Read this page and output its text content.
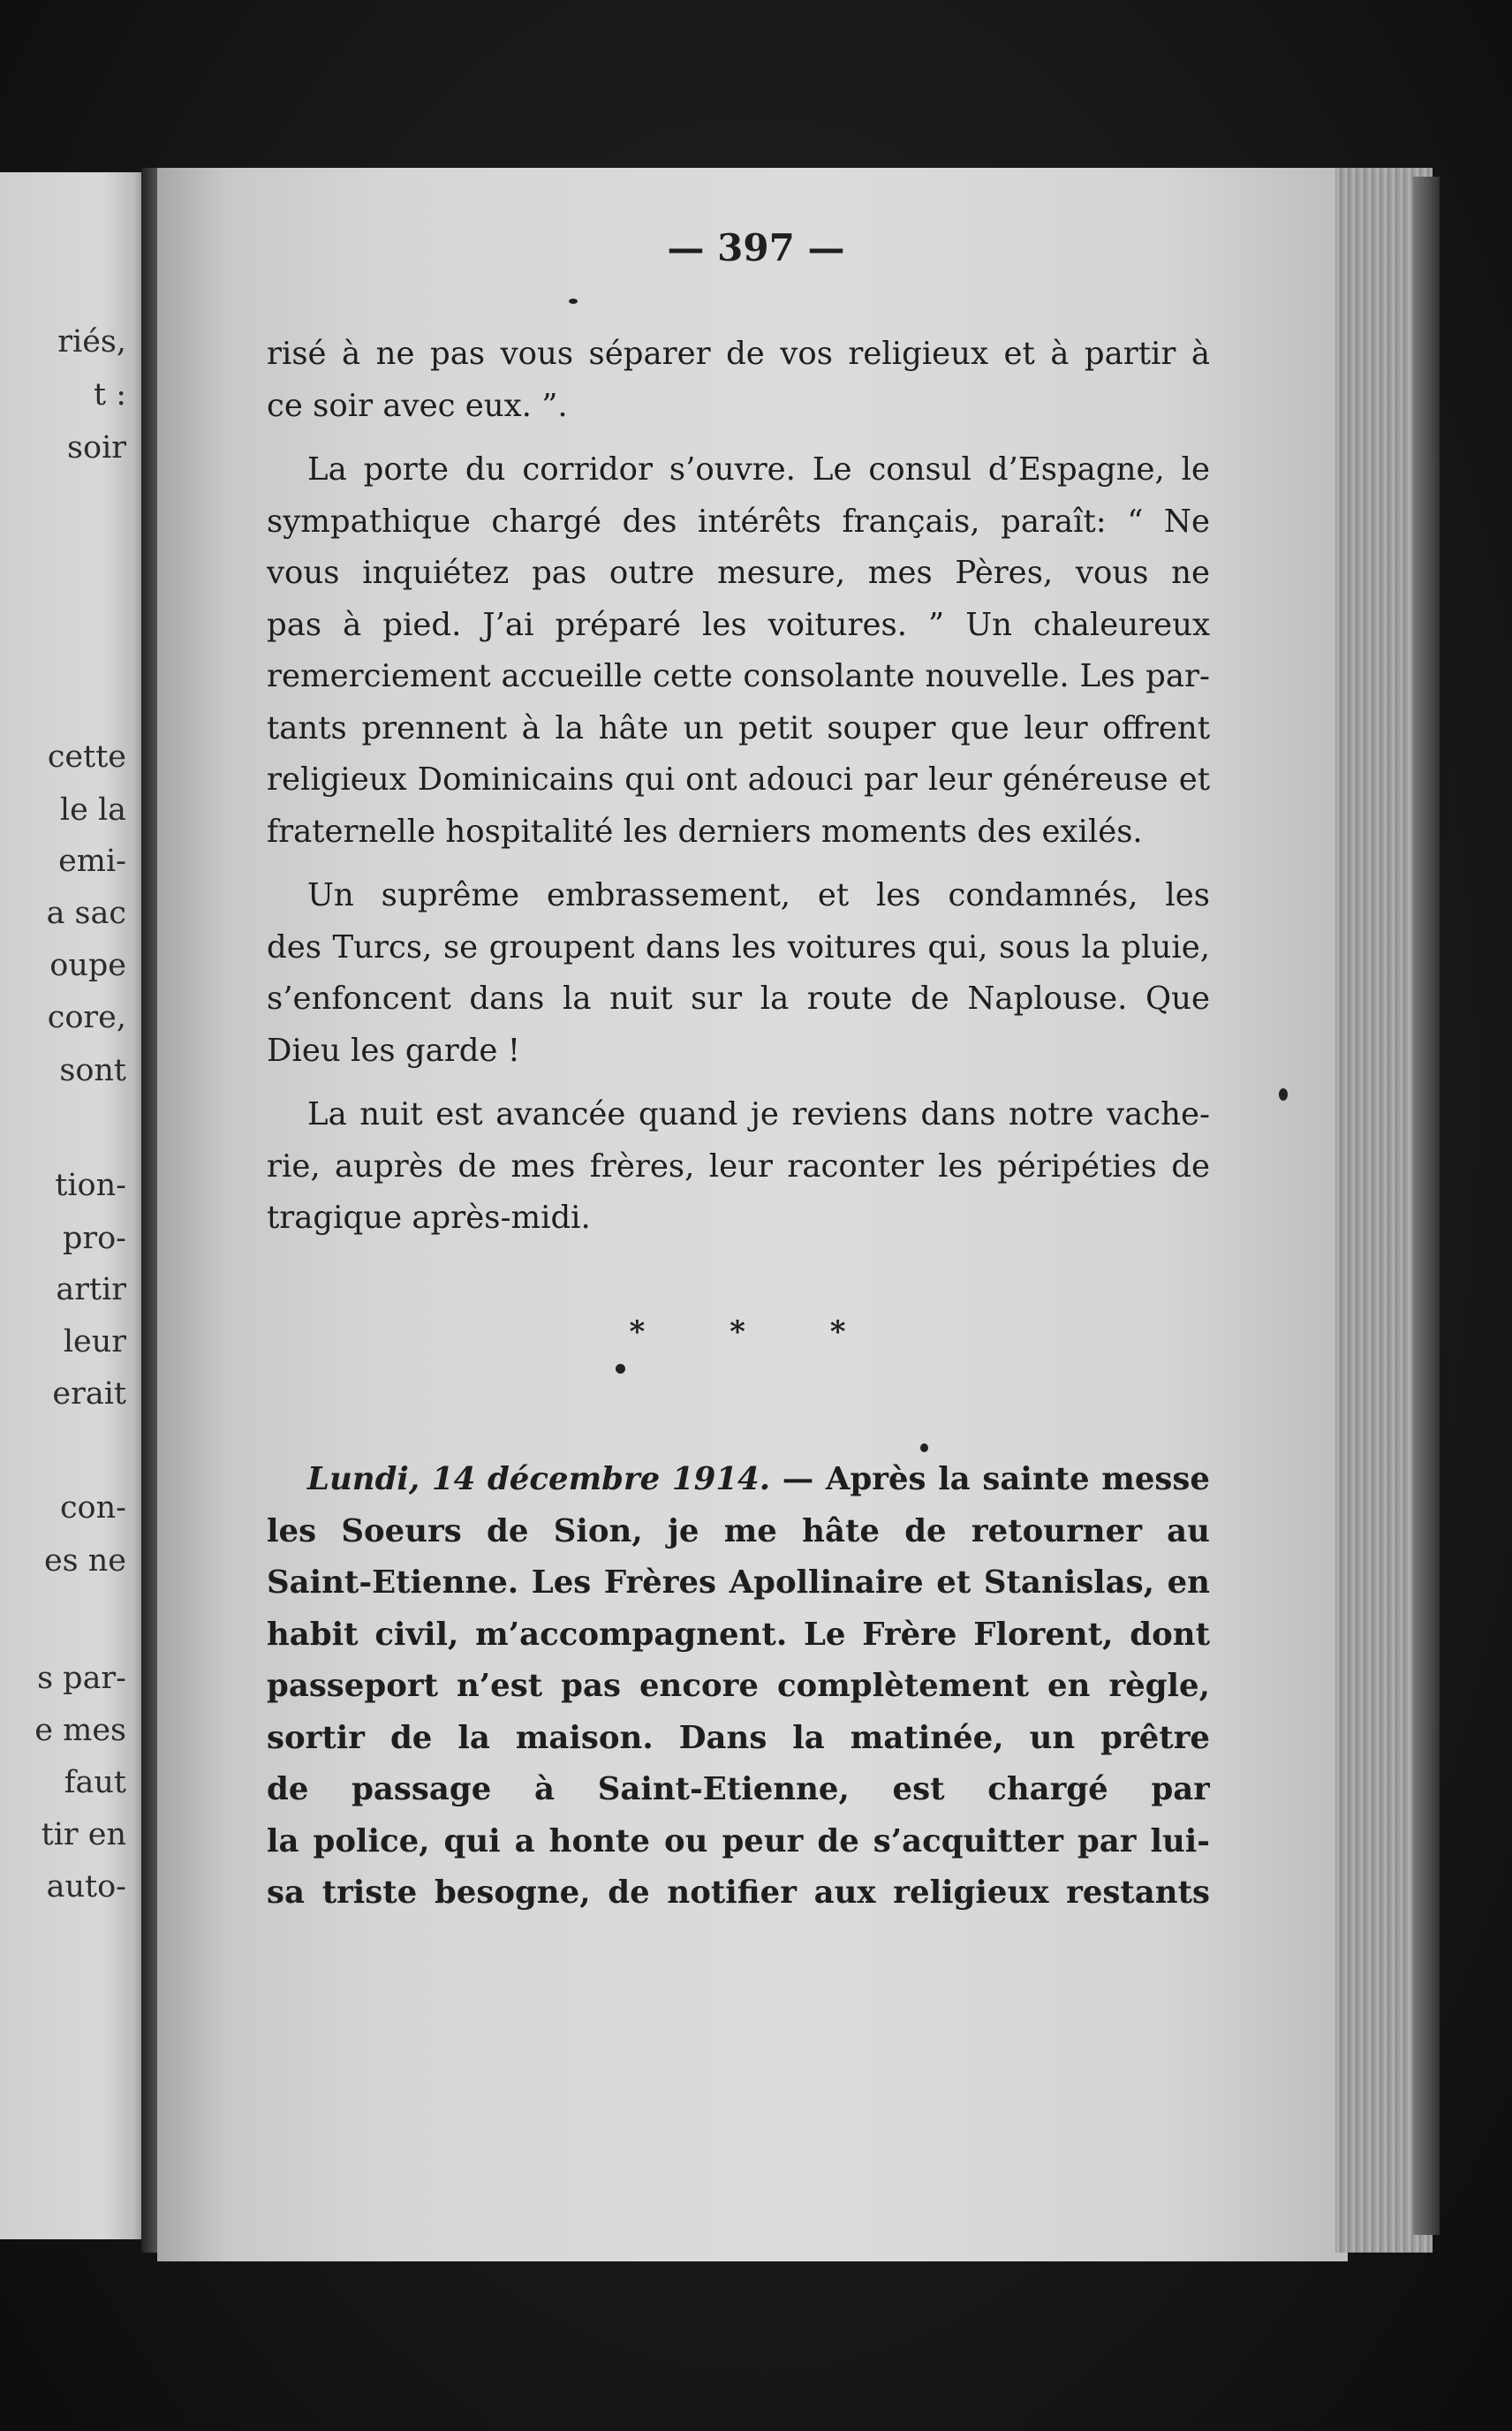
riés,
t :
soir
cette
le la
emi-
a sac
oupe
core,
sont
tion-
pro-
artir
leur
erait
con-
es ne
s par-
e mes
faut
tir en
auto-
— 397 —

risé à ne pas vous séparer de vos religieux et à partir à
ce soir avec eux. ”.

La porte du corridor s’ouvre. Le consul d’Espagne, le
sympathique chargé des intérêts français, paraît: “ Ne
vous inquiétez pas outre mesure, mes Pères, vous ne
pas à pied. J’ai préparé les voitures. ” Un chaleureux
remerciement accueille cette consolante nouvelle. Les par-
tants prennent à la hâte un petit souper que leur offrent
religieux Dominicains qui ont adouci par leur généreuse et
fraternelle hospitalité les derniers moments des exilés.

Un suprême embrassement, et les condamnés, les
des Turcs, se groupent dans les voitures qui, sous la pluie,
s’enfoncent dans la nuit sur la route de Naplouse. Que
Dieu les garde !

La nuit est avancée quand je reviens dans notre vache-
rie, auprès de mes frères, leur raconter les péripéties de
tragique après-midi.

* * *
Lundi, 14 décembre 1914. — Après la sainte messe
les Soeurs de Sion, je me hâte de retourner au
Saint-Etienne. Les Frères Apollinaire et Stanislas, en
habit civil, m’accompagnent. Le Frère Florent, dont
passeport n’est pas encore complètement en règle,
sortir de la maison. Dans la matinée, un prêtre
de passage à Saint-Etienne, est chargé par
la police, qui a honte ou peur de s’acquitter par lui-
sa triste besogne, de notifier aux religieux restants
